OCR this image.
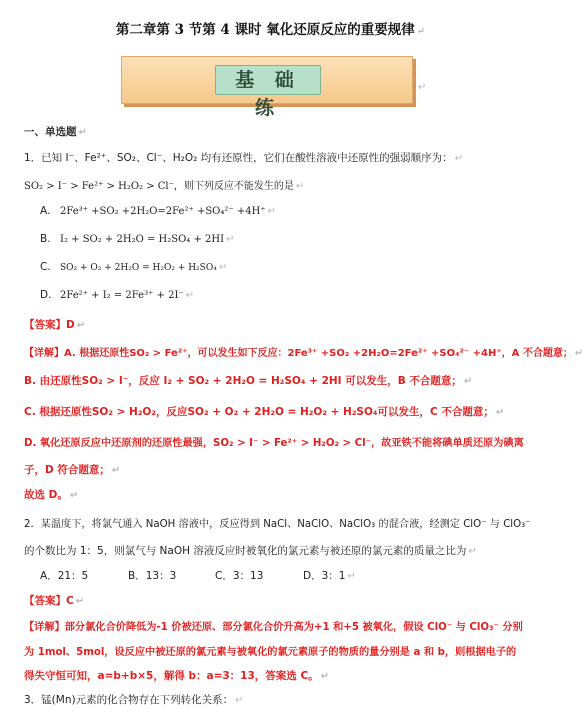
第二章第 3 节第 4 课时 氧化还原反应的重要规律 ↵
基 础 练
↵
一、单选题 ↵
1．已知 I⁻、Fe²⁺、SO₂、Cl⁻、H₂O₂ 均有还原性，它们在酸性溶液中还原性的强弱顺序为： ↵
SO₂ > I⁻ > Fe²⁺ > H₂O₂ > Cl⁻，则下列反应不能发生的是 ↵
A. 2Fe³⁺ +SO₂ +2H₂O=2Fe²⁺ +SO₄²⁻ +4H⁺ ↵
B. I₂ + SO₂ + 2H₂O = H₂SO₄ + 2HI ↵
C. SO₂ + O₂ + 2H₂O = H₂O₂ + H₂SO₄ ↵
D. 2Fe²⁺ + I₂ = 2Fe³⁺ + 2I⁻ ↵
【答案】D ↵
【详解】A. 根据还原性SO₂ > Fe²⁺，可以发生如下反应：2Fe³⁺ +SO₂ +2H₂O=2Fe²⁺ +SO₄²⁻ +4H⁺，A 不合题意； ↵
B. 由还原性SO₂ > I⁻，反应 I₂ + SO₂ + 2H₂O = H₂SO₄ + 2HI 可以发生，B 不合题意； ↵
C. 根据还原性SO₂ > H₂O₂，反应SO₂ + O₂ + 2H₂O = H₂O₂ + H₂SO₄可以发生，C 不合题意； ↵
D. 氧化还原反应中还原剂的还原性最强，SO₂ > I⁻ > Fe²⁺ > H₂O₂ > Cl⁻，故亚铁不能将碘单质还原为碘离
子，D 符合题意； ↵
故选 D。 ↵
2．某温度下，将氯气通入 NaOH 溶液中，反应得到 NaCl、NaClO、NaClO₃ 的混合液，经测定 ClO⁻ 与 ClO₃⁻
的个数比为 1：5，则氯气与 NaOH 溶液反应时被氧化的氯元素与被还原的氯元素的质量之比为 ↵
A．21：5	B．13：3	C．3：13	D．3：1 ↵
【答案】C ↵
【详解】部分氯化合价降低为-1 价被还原、部分氯化合价升高为+1 和+5 被氧化，假设 ClO⁻ 与 ClO₃⁻ 分别
为 1mol、5mol，设反应中被还原的氯元素与被氧化的氯元素原子的物质的量分别是 a 和 b，则根据电子的
得失守恒可知，a=b+b×5，解得 b：a=3：13，答案选 C。 ↵
3．锰(Mn)元素的化合物存在下列转化关系： ↵
